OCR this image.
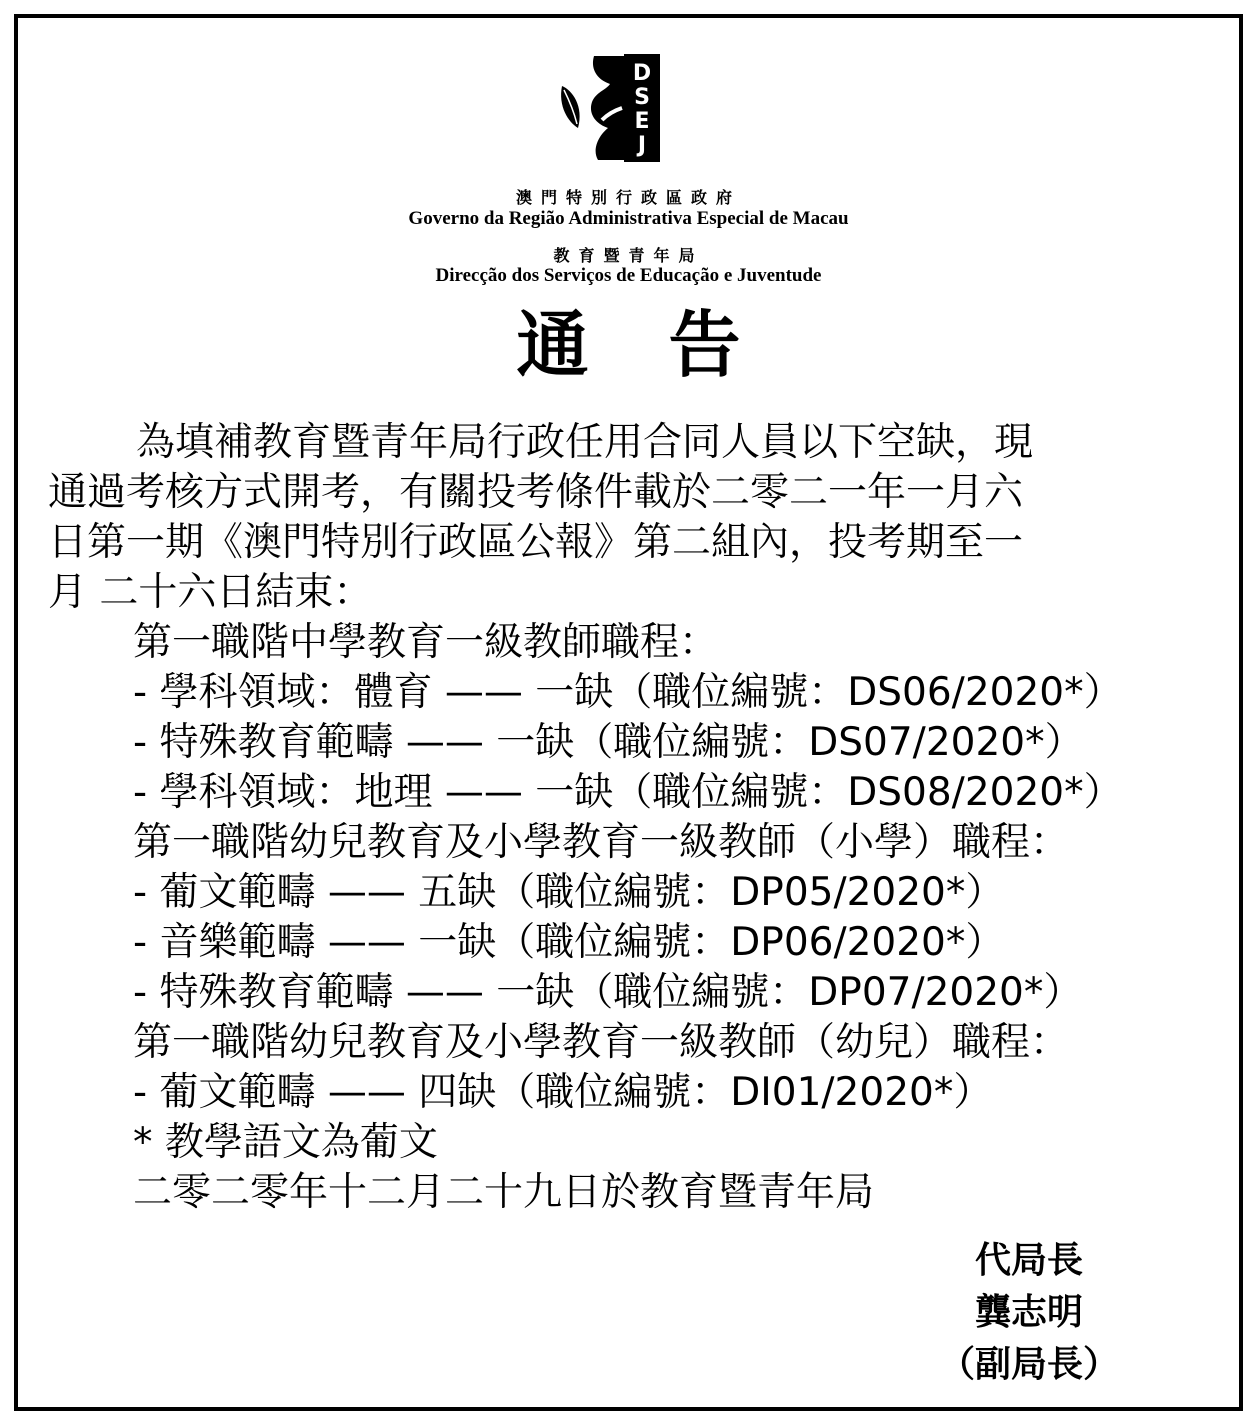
D
S
E
J
澳門特別行政區政府
Governo da Região Administrativa Especial de Macau
教育暨青年局
Direcção dos Serviços de Educação e Juventude
通告
為填補教育暨青年局行政任用合同人員以下空缺，現
通過考核方式開考，有關投考條件載於二零二一年一月六
日第一期《澳門特別行政區公報》第二組內，投考期至一
月 二十六日結束：
第一職階中學教育一級教師職程：
- 學科領域：體育 —— 一缺（職位編號：DS06/2020*）
- 特殊教育範疇 —— 一缺（職位編號：DS07/2020*）
- 學科領域：地理 —— 一缺（職位編號：DS08/2020*）
第一職階幼兒教育及小學教育一級教師（小學）職程：
- 葡文範疇 —— 五缺（職位編號：DP05/2020*）
- 音樂範疇 —— 一缺（職位編號：DP06/2020*）
- 特殊教育範疇 —— 一缺（職位編號：DP07/2020*）
第一職階幼兒教育及小學教育一級教師（幼兒）職程：
- 葡文範疇 —— 四缺（職位編號：DI01/2020*）
* 教學語文為葡文
二零二零年十二月二十九日於教育暨青年局
代局長
龔志明
（副局長）
